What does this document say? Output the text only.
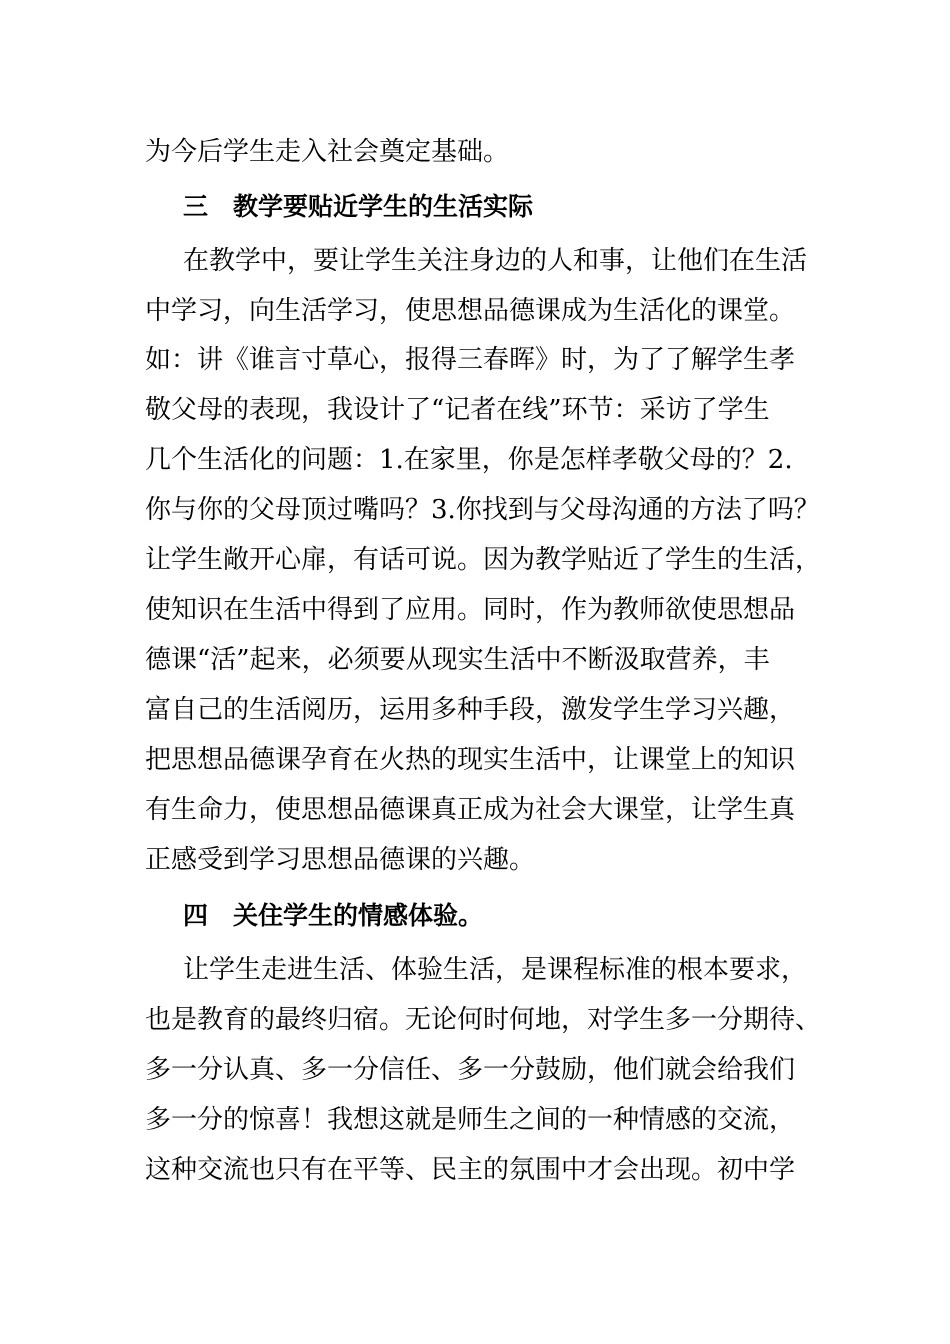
为今后学生走入社会奠定基础。
三　教学要贴近学生的生活实际
在教学中，要让学生关注身边的人和事，让他们在生活
中学习，向生活学习，使思想品德课成为生活化的课堂。
如：讲《谁言寸草心，报得三春晖》时，为了了解学生孝
敬父母的表现，我设计了“记者在线”环节：采访了学生
几个生活化的问题：1.在家里，你是怎样孝敬父母的？2.
你与你的父母顶过嘴吗？3.你找到与父母沟通的方法了吗？
让学生敞开心扉，有话可说。因为教学贴近了学生的生活，
使知识在生活中得到了应用。同时，作为教师欲使思想品
德课“活”起来，必须要从现实生活中不断汲取营养，丰
富自己的生活阅历，运用多种手段，激发学生学习兴趣，
把思想品德课孕育在火热的现实生活中，让课堂上的知识
有生命力，使思想品德课真正成为社会大课堂，让学生真
正感受到学习思想品德课的兴趣。
四　关住学生的情感体验。
让学生走进生活、体验生活，是课程标准的根本要求，
也是教育的最终归宿。无论何时何地，对学生多一分期待、
多一分认真、多一分信任、多一分鼓励，他们就会给我们
多一分的惊喜！我想这就是师生之间的一种情感的交流，
这种交流也只有在平等、民主的氛围中才会出现。初中学
